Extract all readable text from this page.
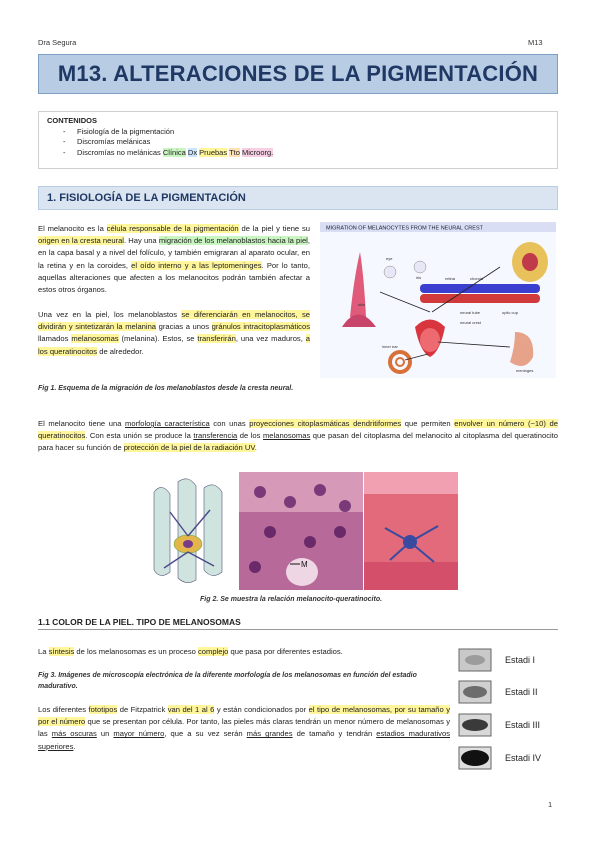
Dra Segura	M13
M13. ALTERACIONES DE LA PIGMENTACIÓN
CONTENIDOS
- Fisiología de la pigmentación
- Discromías melánicas
- Discromías no melánicas Clínica Dx Pruebas Tto Microorg.
1. FISIOLOGÍA DE LA PIGMENTACIÓN
El melanocito es la célula responsable de la pigmentación de la piel y tiene su origen en la cresta neural. Hay una migración de los melanoblastos hacia la piel, en la capa basal y a nivel del folículo, y también emigraran al aparato ocular, en la retina y en la coroides, el oído interno y a las leptomeninges. Por lo tanto, aquellas alteraciones que afecten a los melanocitos podrán también afectar a estos otros órganos.
Una vez en la piel, los melanoblastos se diferenciarán en melanocitos, se dividirán y sintetizarán la melanina gracias a unos gránulos intracitoplasmáticos llamados melanosomas (melanina). Estos, se transferirán, una vez maduros, a los queratinocitos de alrededor.
MIGRATION OF MELANOCYTES FROM THE NEURAL CREST
eye
iris	retina	choroid
neural tube	optic cup
neural crest
skin
inner ear
meninges
Fig 1. Esquema de la migración de los melanoblastos desde la cresta neural.
El melanocito tiene una morfología característica con unas proyecciones citoplasmáticas dendritiformes que permiten envolver un número (~10) de queratinocitos. Con esta unión se produce la transferencia de los melanosomas que pasan del citoplasma del melanocito al citoplasma del queratinocito para hacer su función de protección de la piel de la radiación UV.
M
Fig 2. Se muestra la relación melanocito-queratinocito.
1.1 COLOR DE LA PIEL. TIPO DE MELANOSOMAS
La síntesis de los melanosomas es un proceso complejo que pasa por diferentes estadios.
Fig 3. Imágenes de microscopía electrónica de la diferente morfología de los melanosomas en función del estadio madurativo.
Los diferentes fototipos de Fitzpatrick van del 1 al 6 y están condicionados por el tipo de melanosomas, por su tamaño y por el número que se presentan por célula. Por tanto, las pieles más claras tendrán un menor número de melanosomas y las más oscuras un mayor número, que a su vez serán más grandes de tamaño y tendrán estadios madurativos superiores.
Estadi I
Estadi II
Estadi III
Estadi IV
1
